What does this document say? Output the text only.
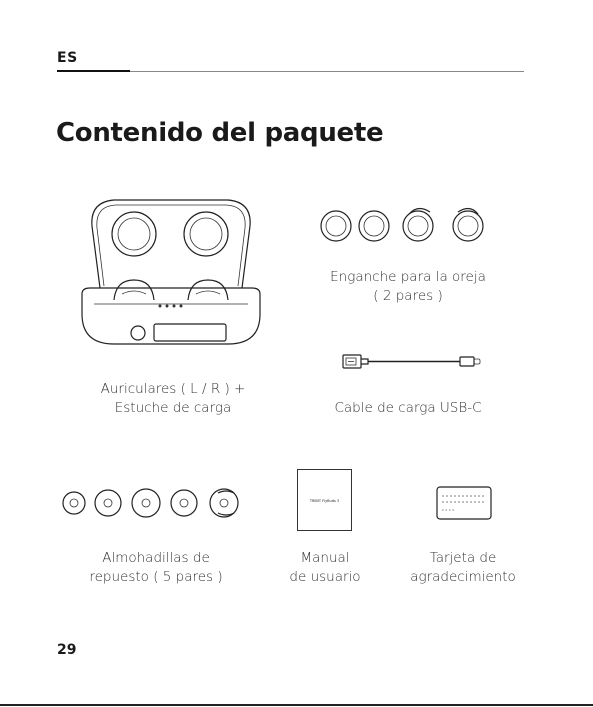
ES
Contenido del paquete
TRIBIT FlyBuds 3
Auriculares ( L / R ) +
Estuche de carga
Enganche para la oreja
( 2 pares )
Cable de carga USB-C
Almohadillas de
repuesto ( 5 pares )
Manual
de usuario
Tarjeta de
agradecimiento
29
